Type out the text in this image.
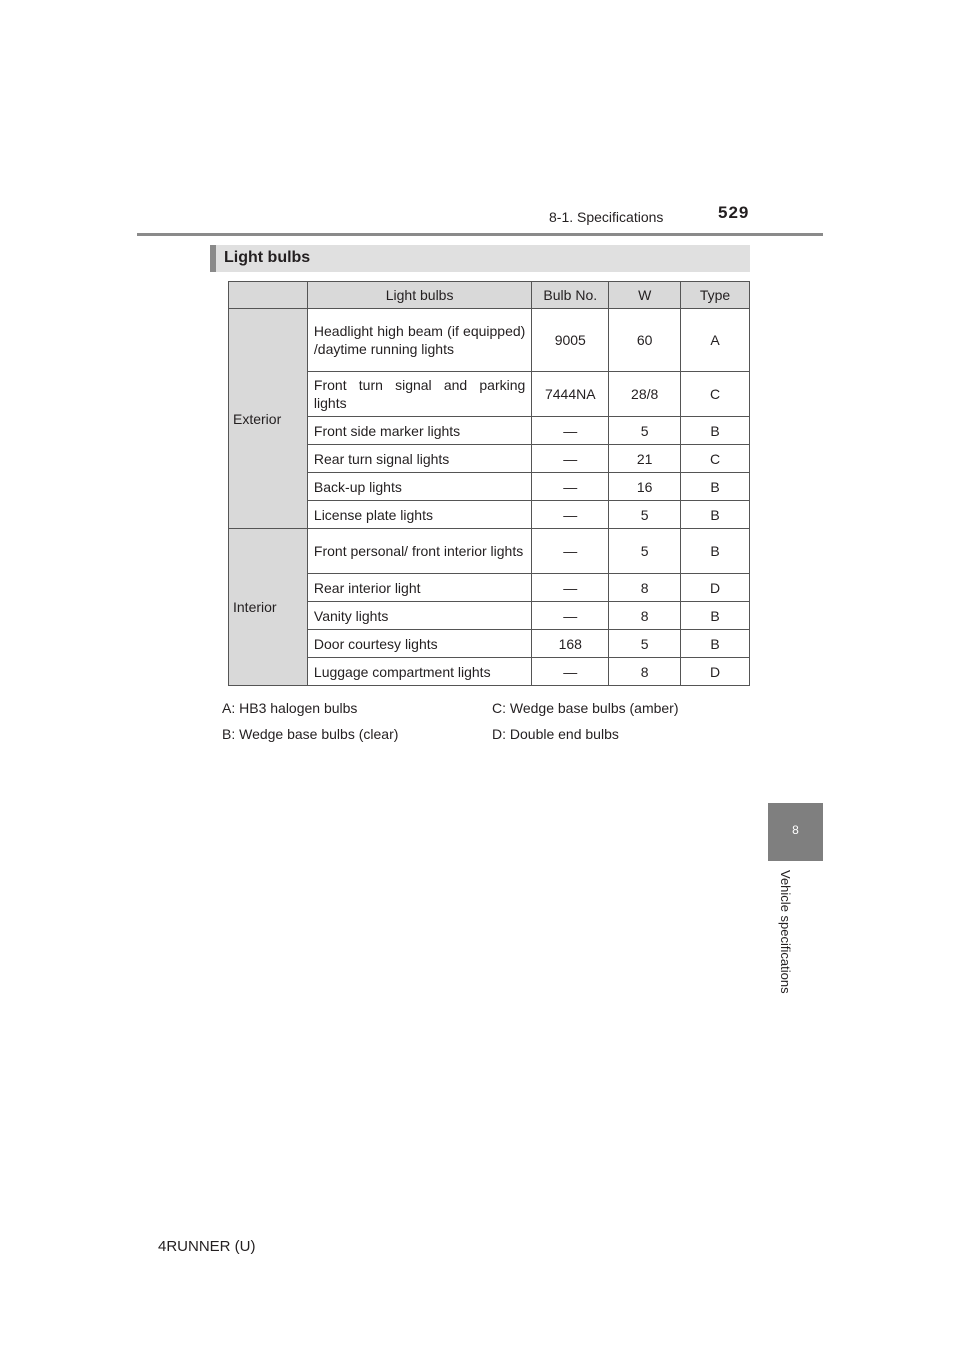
8-1. Specifications	529
8
Vehicle specifications
Light bulbs
	Light bulbs	Bulb No.	W	Type
Exterior	Headlight high beam (if equipped) /daytime running lights	9005	60	A
	Front turn signal and parking lights	7444NA	28/8	C
	Front side marker lights	—	5	B
	Rear turn signal lights	—	21	C
	Back-up lights	—	16	B
	License plate lights	—	5	B
Interior	Front personal/ front interior lights	—	5	B
	Rear interior light	—	8	D
	Vanity lights	—	8	B
	Door courtesy lights	168	5	B
	Luggage compartment lights	—	8	D
A: HB3 halogen bulbs	C: Wedge base bulbs (amber)
B: Wedge base bulbs (clear)	D: Double end bulbs
4RUNNER (U)
